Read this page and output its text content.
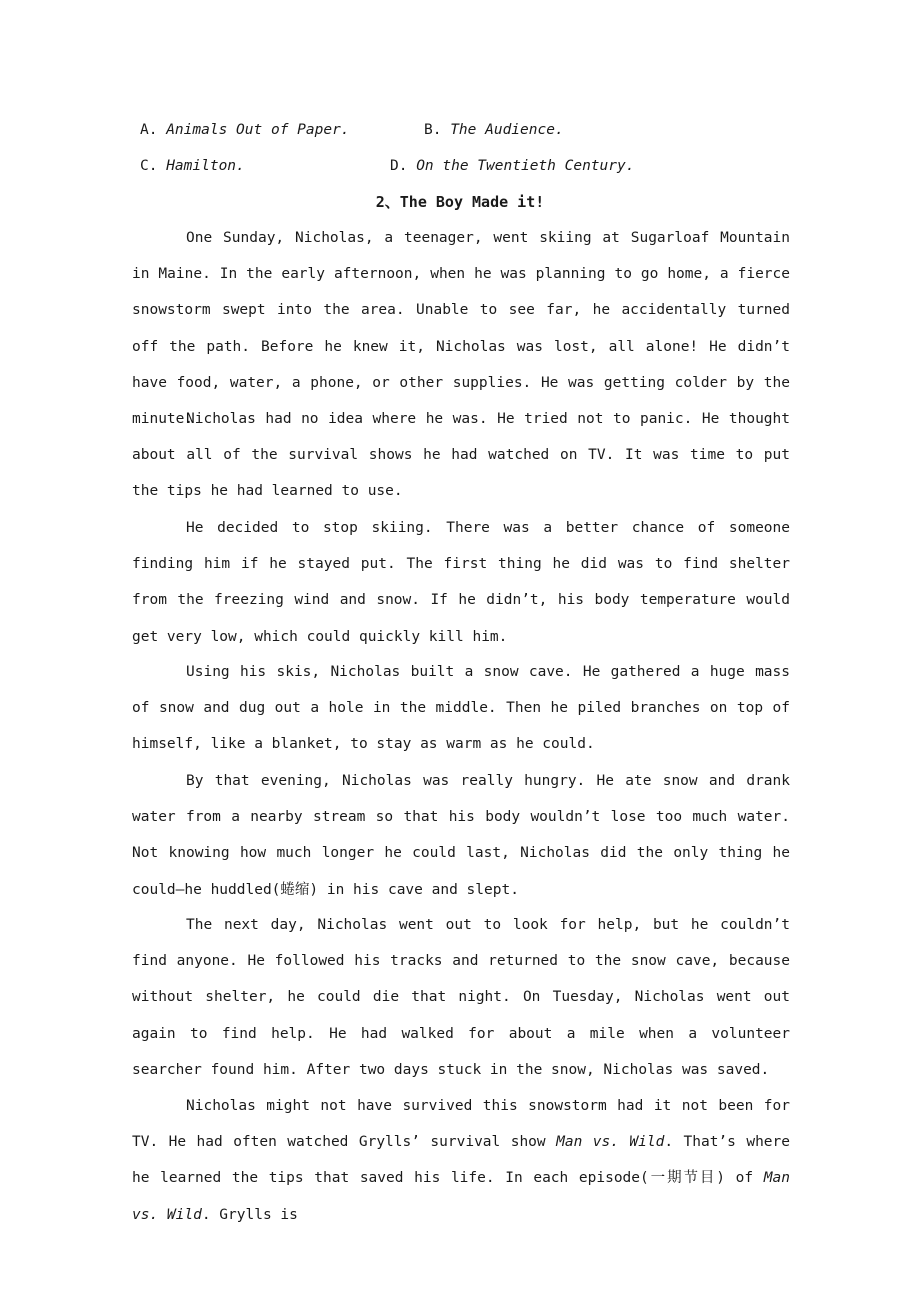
A. Animals Out of Paper.	B. The Audience.
C. Hamilton.	D. On the Twentieth Century.
2、The Boy Made it!

One Sunday, Nicholas, a teenager, went skiing at Sugarloaf Mountain in Maine. In the early afternoon, when he was planning to go home, a fierce snowstorm swept into the area. Unable to see far, he accidentally turned off the path. Before he knew it, Nicholas was lost, all alone! He didn’t have food, water, a phone, or other supplies. He was getting colder by the minute.

Nicholas had no idea where he was. He tried not to panic. He thought about all of the survival shows he had watched on TV. It was time to put the tips he had learned to use.

He decided to stop skiing. There was a better chance of someone finding him if he stayed put. The first thing he did was to find shelter from the freezing wind and snow. If he didn’t, his body temperature would get very low, which could quickly kill him.

Using his skis, Nicholas built a snow cave. He gathered a huge mass of snow and dug out a hole in the middle. Then he piled branches on top of himself, like a blanket, to stay as warm as he could.

By that evening, Nicholas was really hungry. He ate snow and drank water from a nearby stream so that his body wouldn’t lose too much water. Not knowing how much longer he could last, Nicholas did the only thing he could—he huddled(蜷缩) in his cave and slept.

The next day, Nicholas went out to look for help, but he couldn’t find anyone. He followed his tracks and returned to the snow cave, because without shelter, he could die that night. On Tuesday, Nicholas went out again to find help. He had walked for about a mile when a volunteer searcher found him. After two days stuck in the snow, Nicholas was saved.

Nicholas might not have survived this snowstorm had it not been for TV. He had often watched Grylls’ survival show Man vs. Wild. That’s where he learned the tips that saved his life. In each episode(一期节目) of Man vs. Wild. Grylls is
